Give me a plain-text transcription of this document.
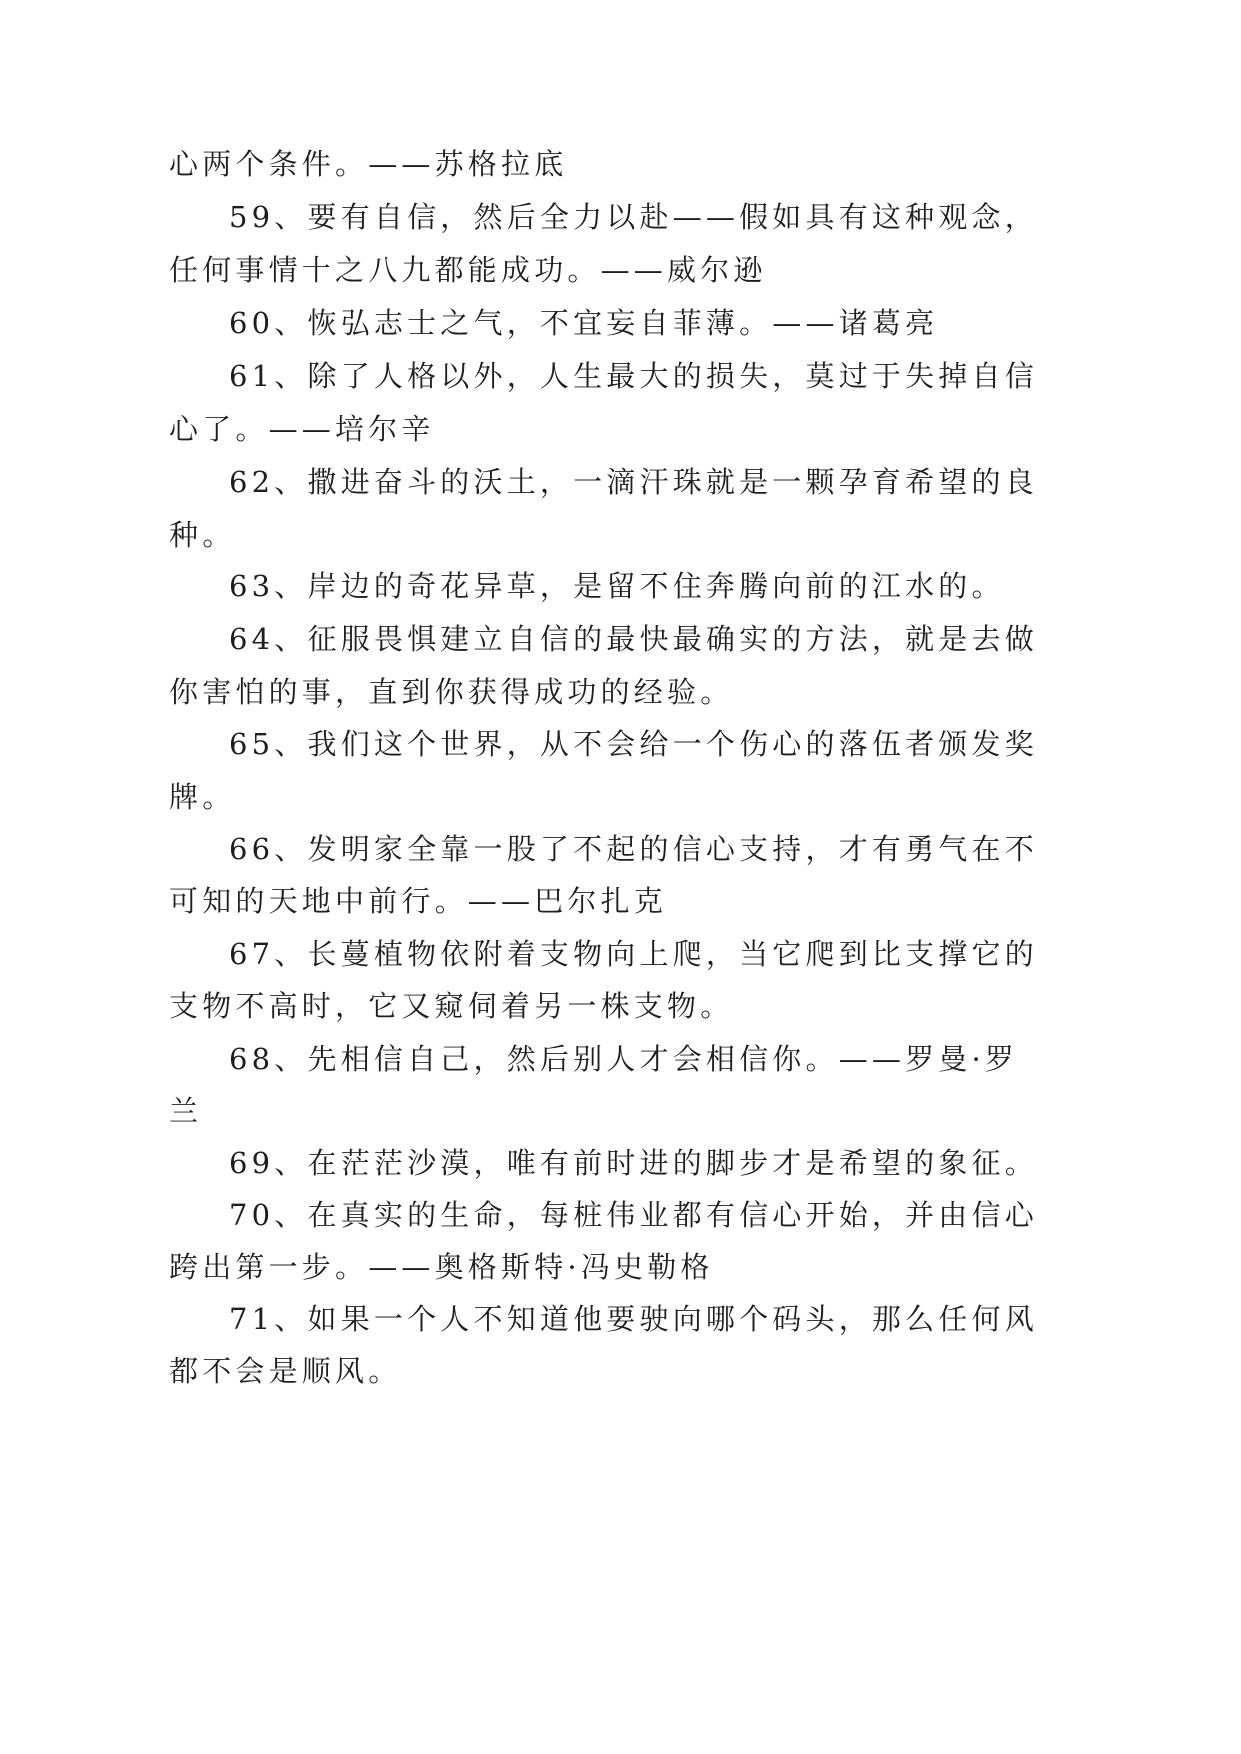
心两个条件。——苏格拉底
59、要有自信，然后全力以赴——假如具有这种观念，
任何事情十之八九都能成功。——威尔逊
60、恢弘志士之气，不宜妄自菲薄。——诸葛亮
61、除了人格以外，人生最大的损失，莫过于失掉自信
心了。——培尔辛
62、撒进奋斗的沃土，一滴汗珠就是一颗孕育希望的良
种。
63、岸边的奇花异草，是留不住奔腾向前的江水的。
64、征服畏惧建立自信的最快最确实的方法，就是去做
你害怕的事，直到你获得成功的经验。
65、我们这个世界，从不会给一个伤心的落伍者颁发奖
牌。
66、发明家全靠一股了不起的信心支持，才有勇气在不
可知的天地中前行。——巴尔扎克
67、长蔓植物依附着支物向上爬，当它爬到比支撑它的
支物不高时，它又窥伺着另一株支物。
68、先相信自己，然后别人才会相信你。——罗曼·罗
兰
69、在茫茫沙漠，唯有前时进的脚步才是希望的象征。
70、在真实的生命，每桩伟业都有信心开始，并由信心
跨出第一步。——奥格斯特·冯史勒格
71、如果一个人不知道他要驶向哪个码头，那么任何风
都不会是顺风。
